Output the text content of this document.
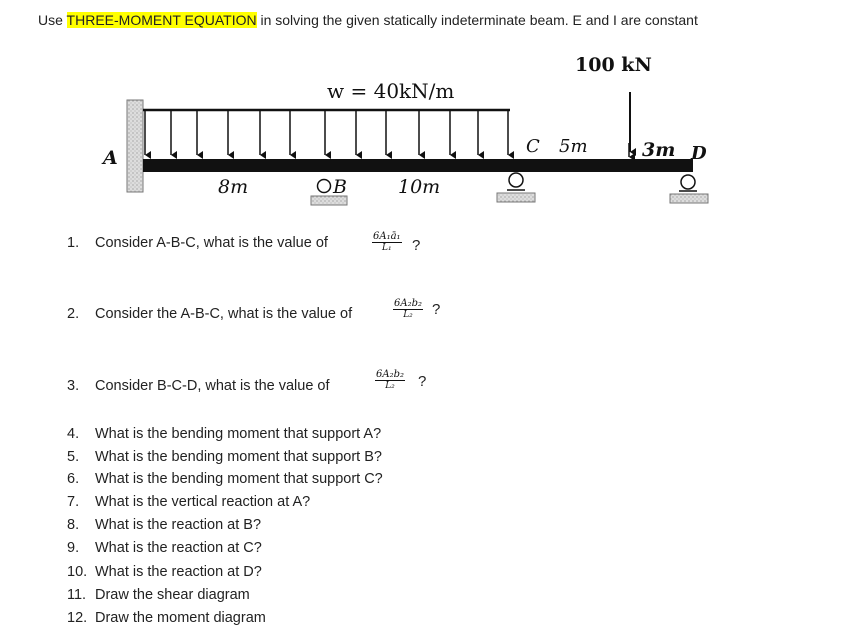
Use THREE-MOMENT EQUATION in solving the given statically indeterminate beam. E and I are constant
w = 40kN/m
100 kN
A
B
C	D
8m	10m
5m	3m
1. Consider A-B-C, what is the value of	$\frac{\text{6A₁ā₁}}{\text{L₁}}$ ?
2. Consider the A-B-C, what is the value of	$\frac{\text{6A₂b₂}}{\text{L₂}}$ ?
3. Consider B-C-D, what is the value of	$\frac{\text{6A₂b₂}}{\text{L₂}}$ ?
4. What is the bending moment that support A?
5. What is the bending moment that support B?
6. What is the bending moment that support C?
7. What is the vertical reaction at A?
8. What is the reaction at B?
9. What is the reaction at C?
10. What is the reaction at D?
11. Draw the shear diagram
12. Draw the moment diagram
